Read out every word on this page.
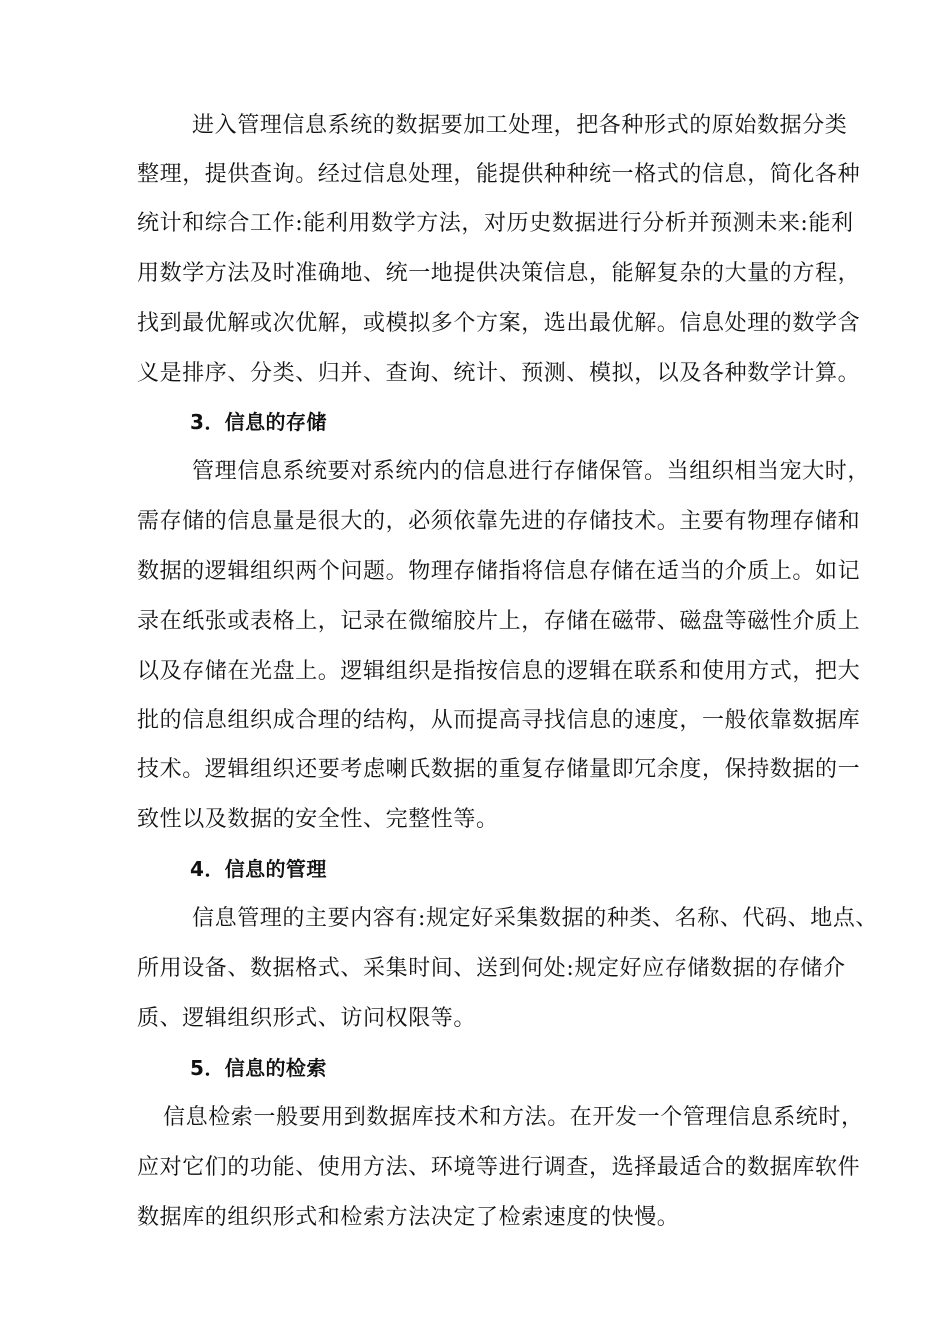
进入管理信息系统的数据要加工处理，把各种形式的原始数据分类
整理，提供查询。经过信息处理，能提供种种统一格式的信息，简化各种
统计和综合工作:能利用数学方法，对历史数据进行分析并预测未来:能利
用数学方法及时准确地、统一地提供决策信息，能解复杂的大量的方程，
找到最优解或次优解，或模拟多个方案，选出最优解。信息处理的数学含
义是排序、分类、归并、查询、统计、预测、模拟，以及各种数学计算。
3．信息的存储
管理信息系统要对系统内的信息进行存储保管。当组织相当宠大时，
需存储的信息量是很大的，必须依靠先进的存储技术。主要有物理存储和
数据的逻辑组织两个问题。物理存储指将信息存储在适当的介质上。如记
录在纸张或表格上，记录在微缩胶片上，存储在磁带、磁盘等磁性介质上
以及存储在光盘上。逻辑组织是指按信息的逻辑在联系和使用方式，把大
批的信息组织成合理的结构，从而提高寻找信息的速度，一般依靠数据库
技术。逻辑组织还要考虑喇氏数据的重复存储量即冗余度，保持数据的一
致性以及数据的安全性、完整性等。
4．信息的管理
信息管理的主要内容有:规定好采集数据的种类、名称、代码、地点、
所用设备、数据格式、采集时间、送到何处:规定好应存储数据的存储介
质、逻辑组织形式、访问权限等。
5．信息的检索
信息检索一般要用到数据库技术和方法。在开发一个管理信息系统时，
应对它们的功能、使用方法、环境等进行调查，选择最适合的数据库软件
数据库的组织形式和检索方法决定了检索速度的快慢。
